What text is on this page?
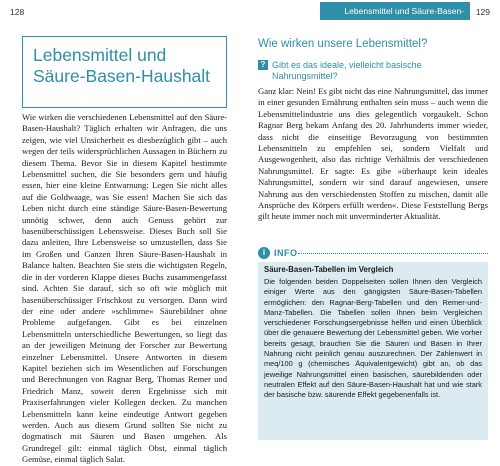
128
Lebensmittel und Säure-Basen-Haushalt
Wie wirken die verschiedenen Lebensmittel auf den Säure-Basen-Haushalt? Täglich erhalten wir Anfragen, die uns zeigen, wie viel Unsicherheit es diesbezüglich gibt – auch wegen der teils widersprüchlichen Aussagen in Büchern zu diesem Thema. Bevor Sie in diesem Kapitel bestimmte Lebensmittel suchen, die Sie besonders gern und häufig essen, hier eine kleine Entwarnung: Legen Sie nicht alles auf die Goldwaage, was Sie essen! Machen Sie sich das Leben nicht durch eine ständige Säure-Basen-Bewertung unnötig schwer, denn auch Genuss gehört zur basenüberschüssigen Lebensweise. Dieses Buch soll Sie dazu anleiten, Ihre Lebensweise so umzustellen, dass Sie im Großen und Ganzen Ihren Säure-Basen-Haushalt in Balance halten. Beachten Sie stets die wichtigsten Regeln, die in der vorderen Klappe dieses Buchs zusammengefasst sind. Achten Sie darauf, sich so oft wie möglich mit basenüberschüssiger Frischkost zu versorgen. Dann wird der eine oder andere »schlimme« Säurebildner ohne Probleme aufgefangen. Gibt es bei einzelnen Lebensmitteln unterschiedliche Bewertungen, so liegt das an der jeweiligen Meinung der Forscher zur Bewertung einzelner Lebensmittel. Unsere Antworten in diesem Kapitel beziehen sich im Wesentlichen auf Forschungen und Berechnungen von Ragnar Berg, Thomas Remer und Friedrich Manz, soweit deren Ergebnisse sich mit Praxiserfahrungen vieler Kollegen decken. Zu manchen Lebensmitteln kann keine eindeutige Antwort gegeben werden. Auch aus diesem Grund sollten Sie nicht zu dogmatisch mit Säuren und Basen umgehen. Als Grundregel gilt: einmal täglich Obst, einmal täglich Gemüse, einmal täglich Salat.
Lebensmittel und Säure-Basen-Haushalt
129
Wie wirken unsere Lebensmittel?
? Gibt es das ideale, vielleicht basische
Nahrungsmittel?
Ganz klar: Nein! Es gibt nicht das eine Nahrungsmittel, das immer in einer gesunden Ernährung enthalten sein muss – auch wenn die Lebensmittelindustrie uns dies gelegentlich vorgaukelt. Schon Ragnar Berg bekam Anfang des 20. Jahrhunderts immer wieder, dass nicht die einseitige Bevorzugung von bestimmten Lebensmitteln zu empfehlen sei, sondern Vielfalt und Ausgewogenheit, also das richtige Verhältnis der verschiedenen Nahrungsmittel. Er sagte: Es gibe »überhaupt kein ideales Nahrungsmittel, sondern wir sind darauf angewiesen, unsere Nahrung aus den verschiedensten Stoffen zu mischen, damit alle Ansprüche des Körpers erfüllt werden«. Diese Feststellung Bergs gilt heute immer noch mit unverminderter Aktualität.
i INFO
Säure-Basen-Tabellen im Vergleich
Die folgenden beiden Doppelseiten sollen Ihnen den Vergleich einiger Werte aus den gängigsten Säure-Basen-Tabellen ermöglichen: den Ragnar-Berg-Tabellen und den Remer-und-Manz-Tabellen. Die Tabellen sollen Ihnen beim Vergleichen verschiedener Forschungsergebnisse helfen und einen Überblick über die genauere Bewertung der Lebensmittel geben. Wie vorher bereits gesagt, brauchen Sie die Säuren und Basen in Ihrer Nahrung nicht peinlich genau auszurechnen. Der Zahlenwert in meq/100 g (chemisches Äquivalentgewicht) gibt an, ob das jeweilige Nahrungsmittel einen basischen, säurebildenden oder neutralen Effekt auf den Säure-Basen-Haushalt hat und wie stark der basische bzw. säurende Effekt gegebenenfalls ist.
